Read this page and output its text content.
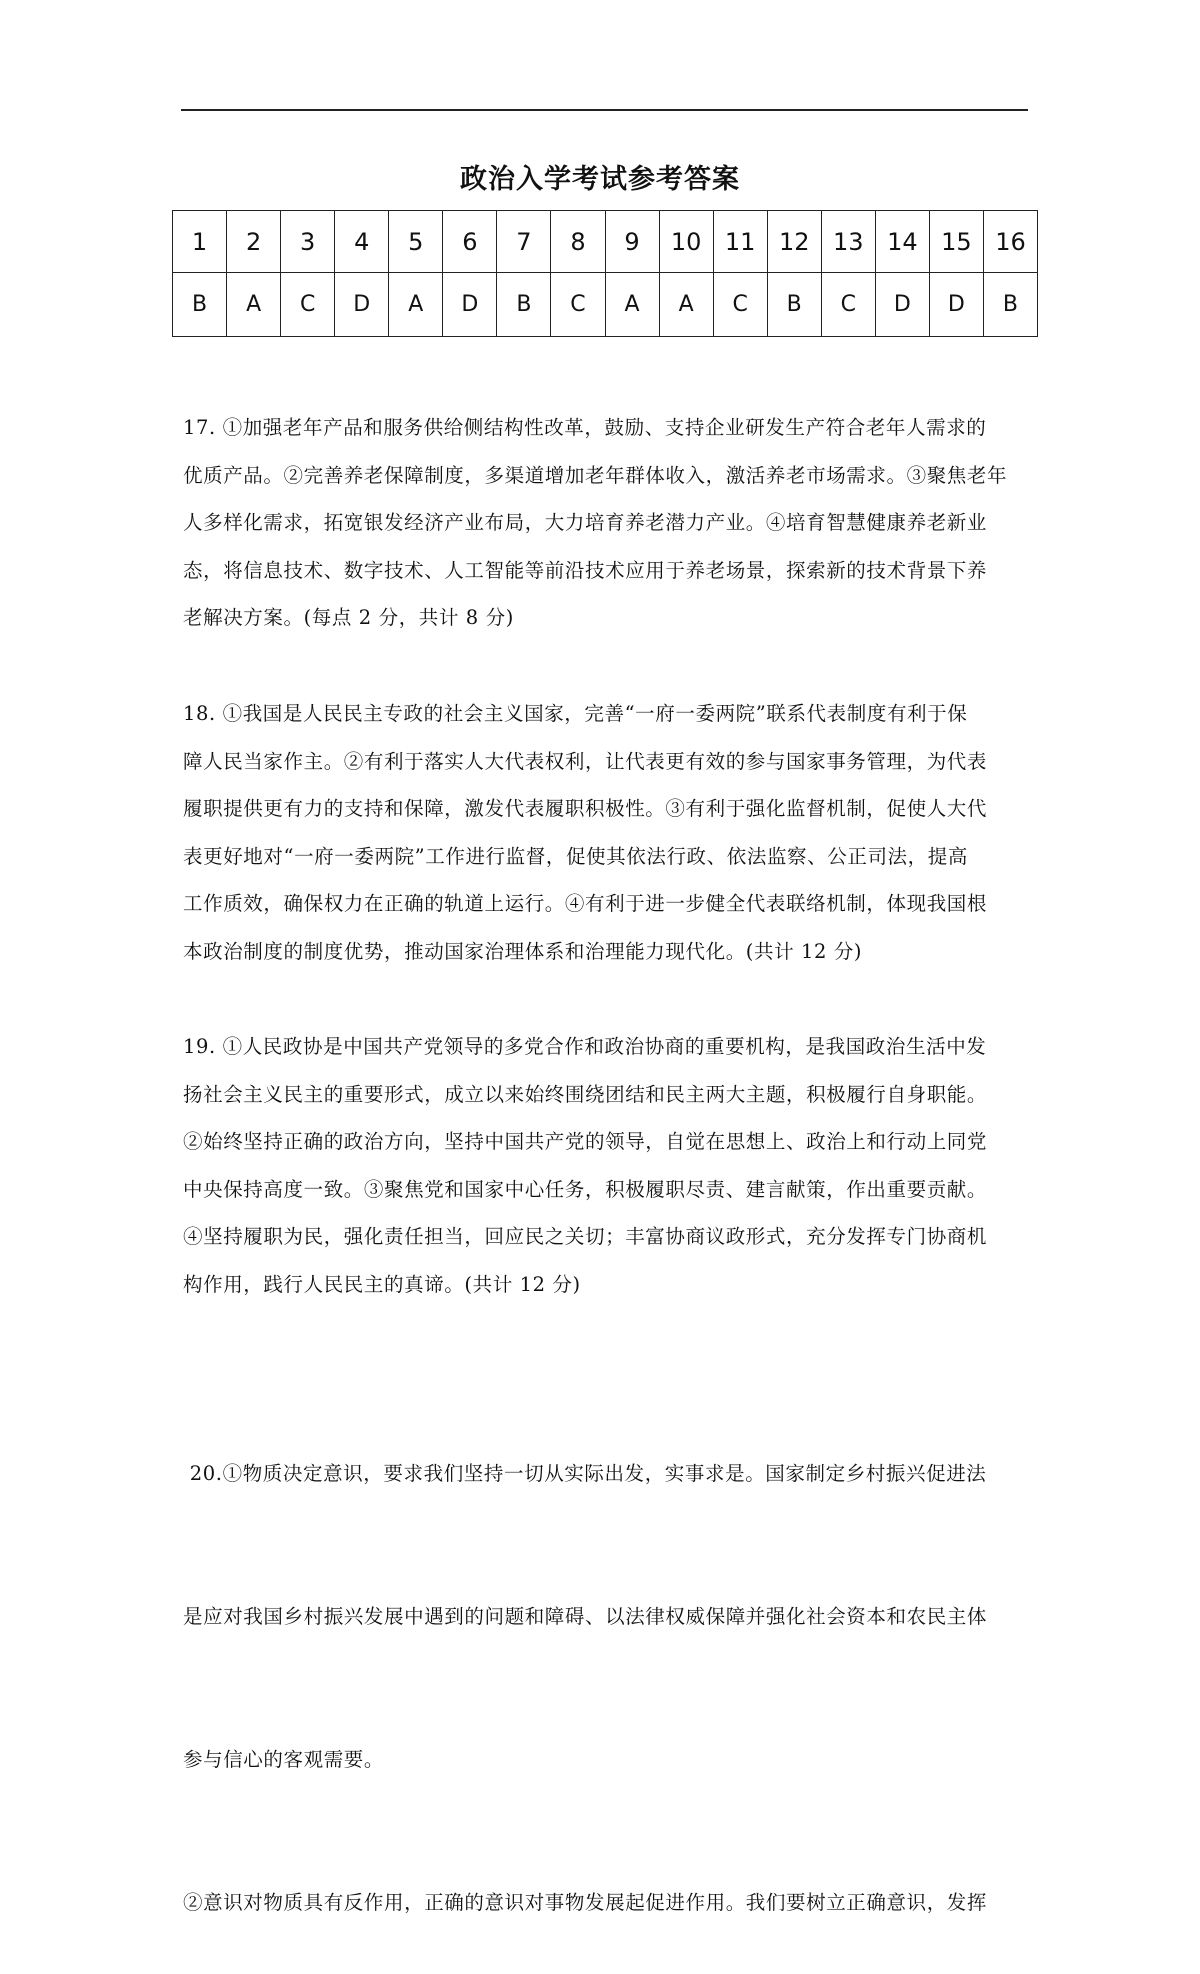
政治入学考试参考答案
1	2	3	4	5	6	7	8	9	10	11	12	13	14	15	16
B	A	C	D	A	D	B	C	A	A	C	B	C	D	D	B

17. ①加强老年产品和服务供给侧结构性改革，鼓励、支持企业研发生产符合老年人需求的

优质产品。②完善养老保障制度，多渠道增加老年群体收入，激活养老市场需求。③聚焦老年

人多样化需求，拓宽银发经济产业布局，大力培育养老潜力产业。④培育智慧健康养老新业

态，将信息技术、数字技术、人工智能等前沿技术应用于养老场景，探索新的技术背景下养

老解决方案。(每点 2 分，共计 8 分)

18. ①我国是人民民主专政的社会主义国家，完善“一府一委两院”联系代表制度有利于保

障人民当家作主。②有利于落实人大代表权利，让代表更有效的参与国家事务管理，为代表

履职提供更有力的支持和保障，激发代表履职积极性。③有利于强化监督机制，促使人大代

表更好地对“一府一委两院”工作进行监督，促使其依法行政、依法监察、公正司法，提高

工作质效，确保权力在正确的轨道上运行。④有利于进一步健全代表联络机制，体现我国根

本政治制度的制度优势，推动国家治理体系和治理能力现代化。(共计 12 分)

19. ①人民政协是中国共产党领导的多党合作和政治协商的重要机构，是我国政治生活中发

扬社会主义民主的重要形式，成立以来始终围绕团结和民主两大主题，积极履行自身职能。

②始终坚持正确的政治方向，坚持中国共产党的领导，自觉在思想上、政治上和行动上同党

中央保持高度一致。③聚焦党和国家中心任务，积极履职尽责、建言献策，作出重要贡献。

④坚持履职为民，强化责任担当，回应民之关切；丰富协商议政形式，充分发挥专门协商机

构作用，践行人民民主的真谛。(共计 12 分)

20.①物质决定意识，要求我们坚持一切从实际出发，实事求是。国家制定乡村振兴促进法

是应对我国乡村振兴发展中遇到的问题和障碍、以法律权威保障并强化社会资本和农民主体

参与信心的客观需要。

②意识对物质具有反作用，正确的意识对事物发展起促进作用。我们要树立正确意识，发挥
